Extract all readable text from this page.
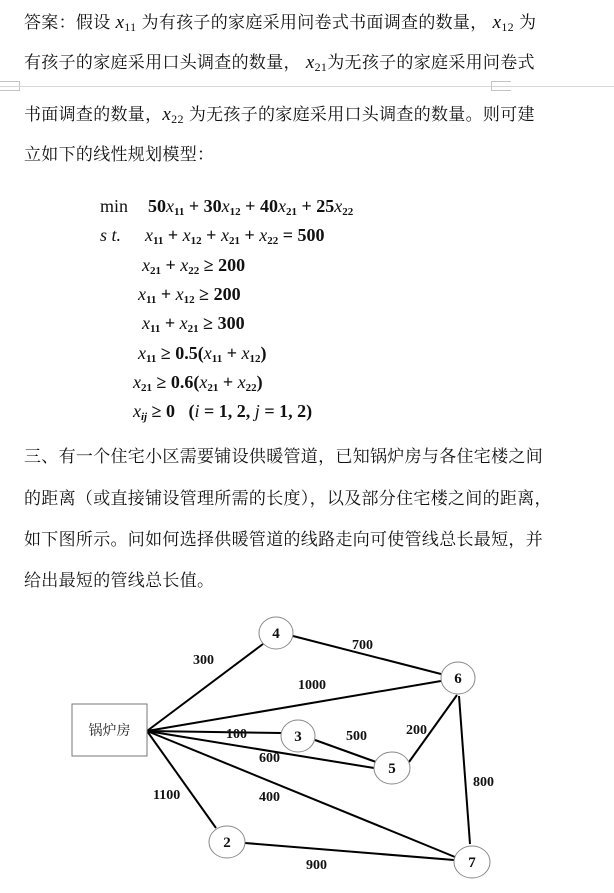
答案：假设 $x_{11}$ 为有孩子的家庭采用问卷式书面调查的数量， $x_{12}$ 为
有孩子的家庭采用口头调查的数量， $x_{21}$为无孩子的家庭采用问卷式
书面调查的数量，$x_{22}$ 为无孩子的家庭采用口头调查的数量。则可建
立如下的线性规划模型：
$\min 50x_{11} + 30x_{12} + 40x_{21} + 25x_{22}$
s t. $x_{11} + x_{12} + x_{21} + x_{22} = 500$
$x_{21} + x_{22} \ge 200$
$x_{11} + x_{12} \ge 200$
$x_{11} + x_{21} \ge 300$
$x_{11} \ge 0.5(x_{11} + x_{12})$
$x_{21} \ge 0.6(x_{21} + x_{22})$
$x_{ij} \ge 0$ (i = 1, 2, j = 1, 2)
三、有一个住宅小区需要铺设供暖管道，已知锅炉房与各住宅楼之间
的距离（或直接铺设管理所需的长度），以及部分住宅楼之间的距离，
如下图所示。问如何选择供暖管道的线路走向可使管线总长最短，并
给出最短的管线总长值。
锅炉房
4
6
3
5
2
7
300
1000
100
600
400
1100
700
500	200
800
900
